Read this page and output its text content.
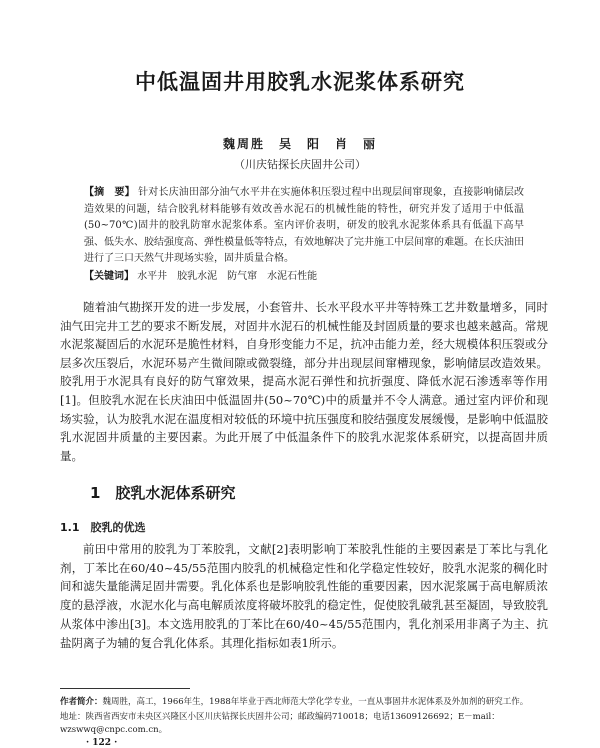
中低温固井用胶乳水泥浆体系研究
魏周胜　吴　阳　肖　丽
（川庆钻探长庆固井公司）
【摘　要】 针对长庆油田部分油气水平井在实施体积压裂过程中出现层间窜现象，直接影响储层改造效果的问题，结合胶乳材料能够有效改善水泥石的机械性能的特性，研究并发了适用于中低温(50~70℃)固井的胶乳防窜水泥浆体系。室内评价表明，研发的胶乳水泥浆体系具有低温下高早强、低失水、胶结强度高、弹性模量低等特点，有效地解决了完井施工中层间窜的难题。在长庆油田进行了三口天然气井现场实验，固井质量合格。
【关键词】 水平井　胶乳水泥　防气窜　水泥石性能

随着油气勘探开发的进一步发展，小套管井、长水平段水平井等特殊工艺井数量增多，同时油气田完井工艺的要求不断发展，对固井水泥石的机械性能及封固质量的要求也越来越高。常规水泥浆凝固后的水泥环是脆性材料，自身形变能力不足，抗冲击能力差，经大规模体积压裂或分层多次压裂后，水泥环易产生微间隙或微裂缝，部分井出现层间窜槽现象，影响储层改造效果。胶乳用于水泥具有良好的防气窜效果，提高水泥石弹性和抗折强度、降低水泥石渗透率等作用[1]。但胶乳水泥在长庆油田中低温固井(50~70℃)中的质量并不令人满意。通过室内评价和现场实验，认为胶乳水泥在温度相对较低的环境中抗压强度和胶结强度发展缓慢，是影响中低温胶乳水泥固井质量的主要因素。为此开展了中低温条件下的胶乳水泥浆体系研究，以提高固井质量。

1　胶乳水泥体系研究
1.1　胶乳的优选

前田中常用的胶乳为丁苯胶乳，文献[2]表明影响丁苯胶乳性能的主要因素是丁苯比与乳化剂，丁苯比在60/40~45/55范围内胶乳的机械稳定性和化学稳定性较好，胶乳水泥浆的稠化时间和滤失量能满足固井需要。乳化体系也是影响胶乳性能的重要因素，因水泥浆属于高电解质浓度的悬浮液，水泥水化与高电解质浓度将破坏胶乳的稳定性，促使胶乳破乳甚至凝固，导致胶乳从浆体中渗出[3]。本文选用胶乳的丁苯比在60/40~45/55范围内，乳化剂采用非离子为主、抗盐阴离子为辅的复合乳化体系。其理化指标如表1所示。

作者简介：魏周胜，高工，1966年生，1988年毕业于西北师范大学化学专业，一直从事固井水泥体系及外加剂的研究工作。
地址：陕西省西安市未央区兴隆区小区川庆钻探长庆固井公司；邮政编码710018；电话13609126692；E－mail：wzswwq@cnpc.com.cn。
· 122 ·
